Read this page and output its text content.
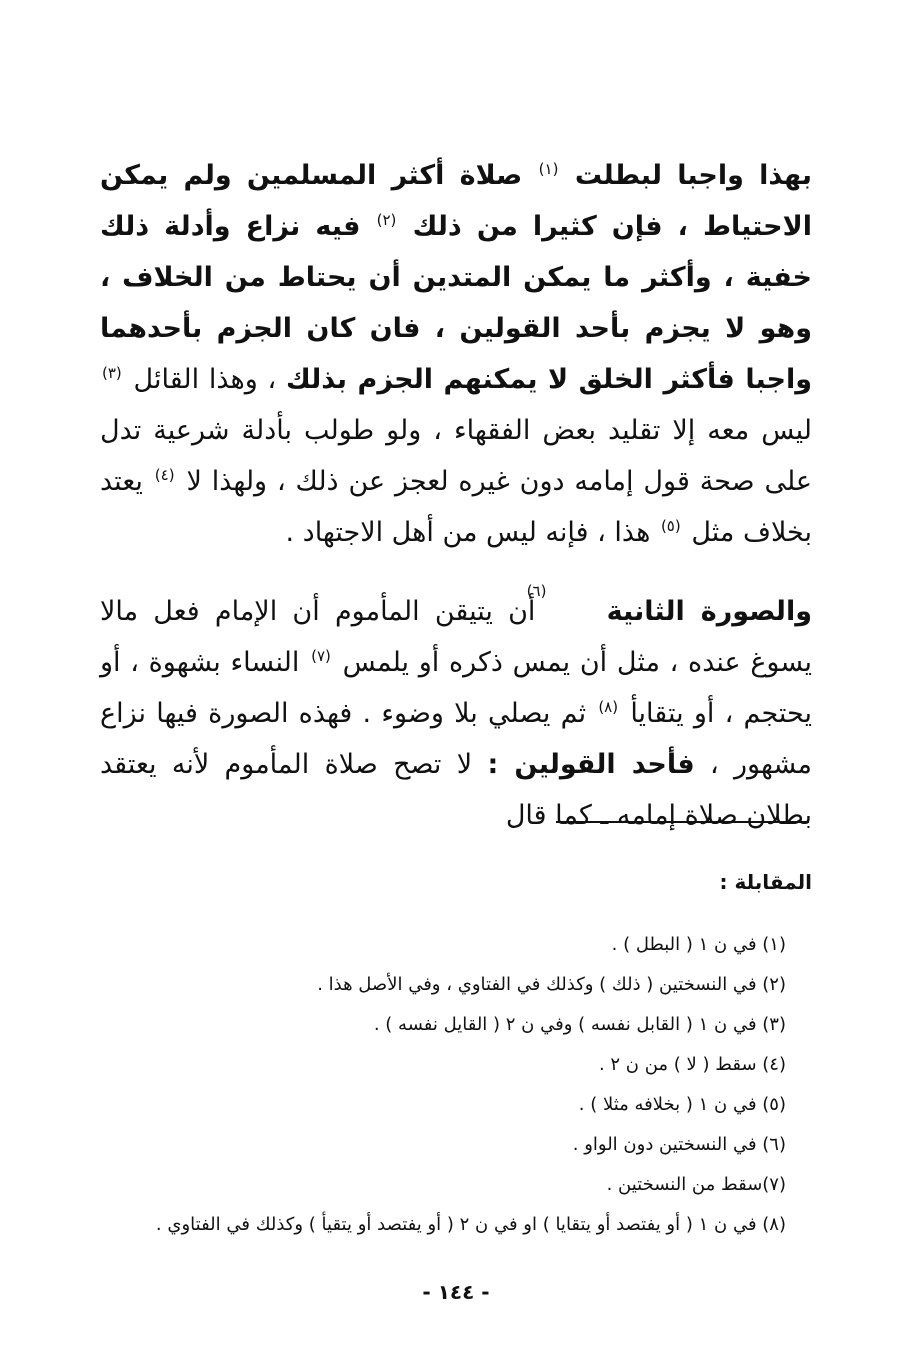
بهذا واجبا لبطلت $^{(١)}$ صلاة أكثر المسلمين ولم يمكن الاحتياط ، فإن كثيرا من ذلك $^{(٢)}$ فيه نزاع وأدلة ذلك خفية ، وأكثر ما يمكن المتدين أن يحتاط من الخلاف ، وهو لا يجزم بأحد القولين ، فان كان الجزم بأحدهما واجبا فأكثر الخلق لا يمكنهم الجزم بذلك ، وهذا القائل $^{(٣)}$ ليس معه إلا تقليد بعض الفقهاء ، ولو طولب بأدلة شرعية تدل على صحة قول إمامه دون غيره لعجز عن ذلك ، ولهذا لا $^{(٤)}$ يعتد بخلاف مثل $^{(٥)}$ هذا ، فإنه ليس من أهل الاجتهاد .

والصورة الثانية
(٦)
أن يتيقن المأموم أن الإمام فعل مالا يسوغ عنده ، مثل أن يمس ذكره أو يلمس $^{(٧)}$ النساء بشهوة ، أو يحتجم ، أو يتقايأ $^{(٨)}$ ثم يصلي بلا وضوء . فهذه الصورة فيها نزاع مشهور ، فأحد القولين : لا تصح صلاة المأموم لأنه يعتقد بطلان صلاة إمامه ـ كما قال

المقابلة :
(١) في ن ١ ( البطل ) .
(٢) في النسختين ( ذلك ) وكذلك في الفتاوي ، وفي الأصل هذا .
(٣) في ن ١ ( القابل نفسه ) وفي ن ٢ ( القايل نفسه ) .
(٤) سقط ( لا ) من ن ٢ .
(٥) في ن ١ ( بخلافه مثلا ) .
(٦) في النسختين دون الواو .
(٧)سقط من النسختين .
(٨) في ن ١ ( أو يفتصد أو يتقايا ) او في ن ٢ ( أو يفتصد أو يتقيأ ) وكذلك في الفتاوي .
- ١٤٤ -
